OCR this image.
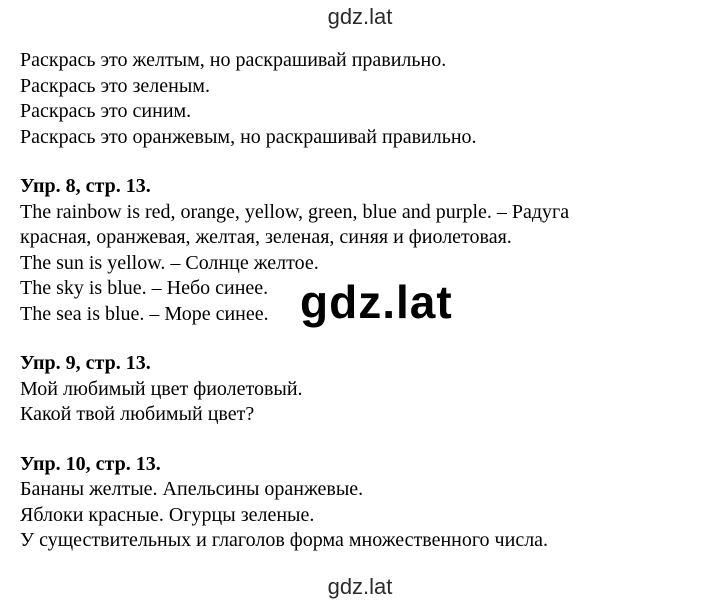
gdz.lat
Раскрась это желтым, но раскрашивай правильно.
Раскрась это зеленым.
Раскрась это синим.
Раскрась это оранжевым, но раскрашивай правильно.
Упр. 8, стр. 13.
The rainbow is red, orange, yellow, green, blue and purple. – Радуга
красная, оранжевая, желтая, зеленая, синяя и фиолетовая.
The sun is yellow. – Солнце желтое.
The sky is blue. – Небо синее.
The sea is blue. – Море синее.
Упр. 9, стр. 13.
Мой любимый цвет фиолетовый.
Какой твой любимый цвет?
Упр. 10, стр. 13.
Бананы желтые. Апельсины оранжевые.
Яблоки красные. Огурцы зеленые.
У существительных и глаголов форма множественного числа.
gdz.lat
gdz.lat
